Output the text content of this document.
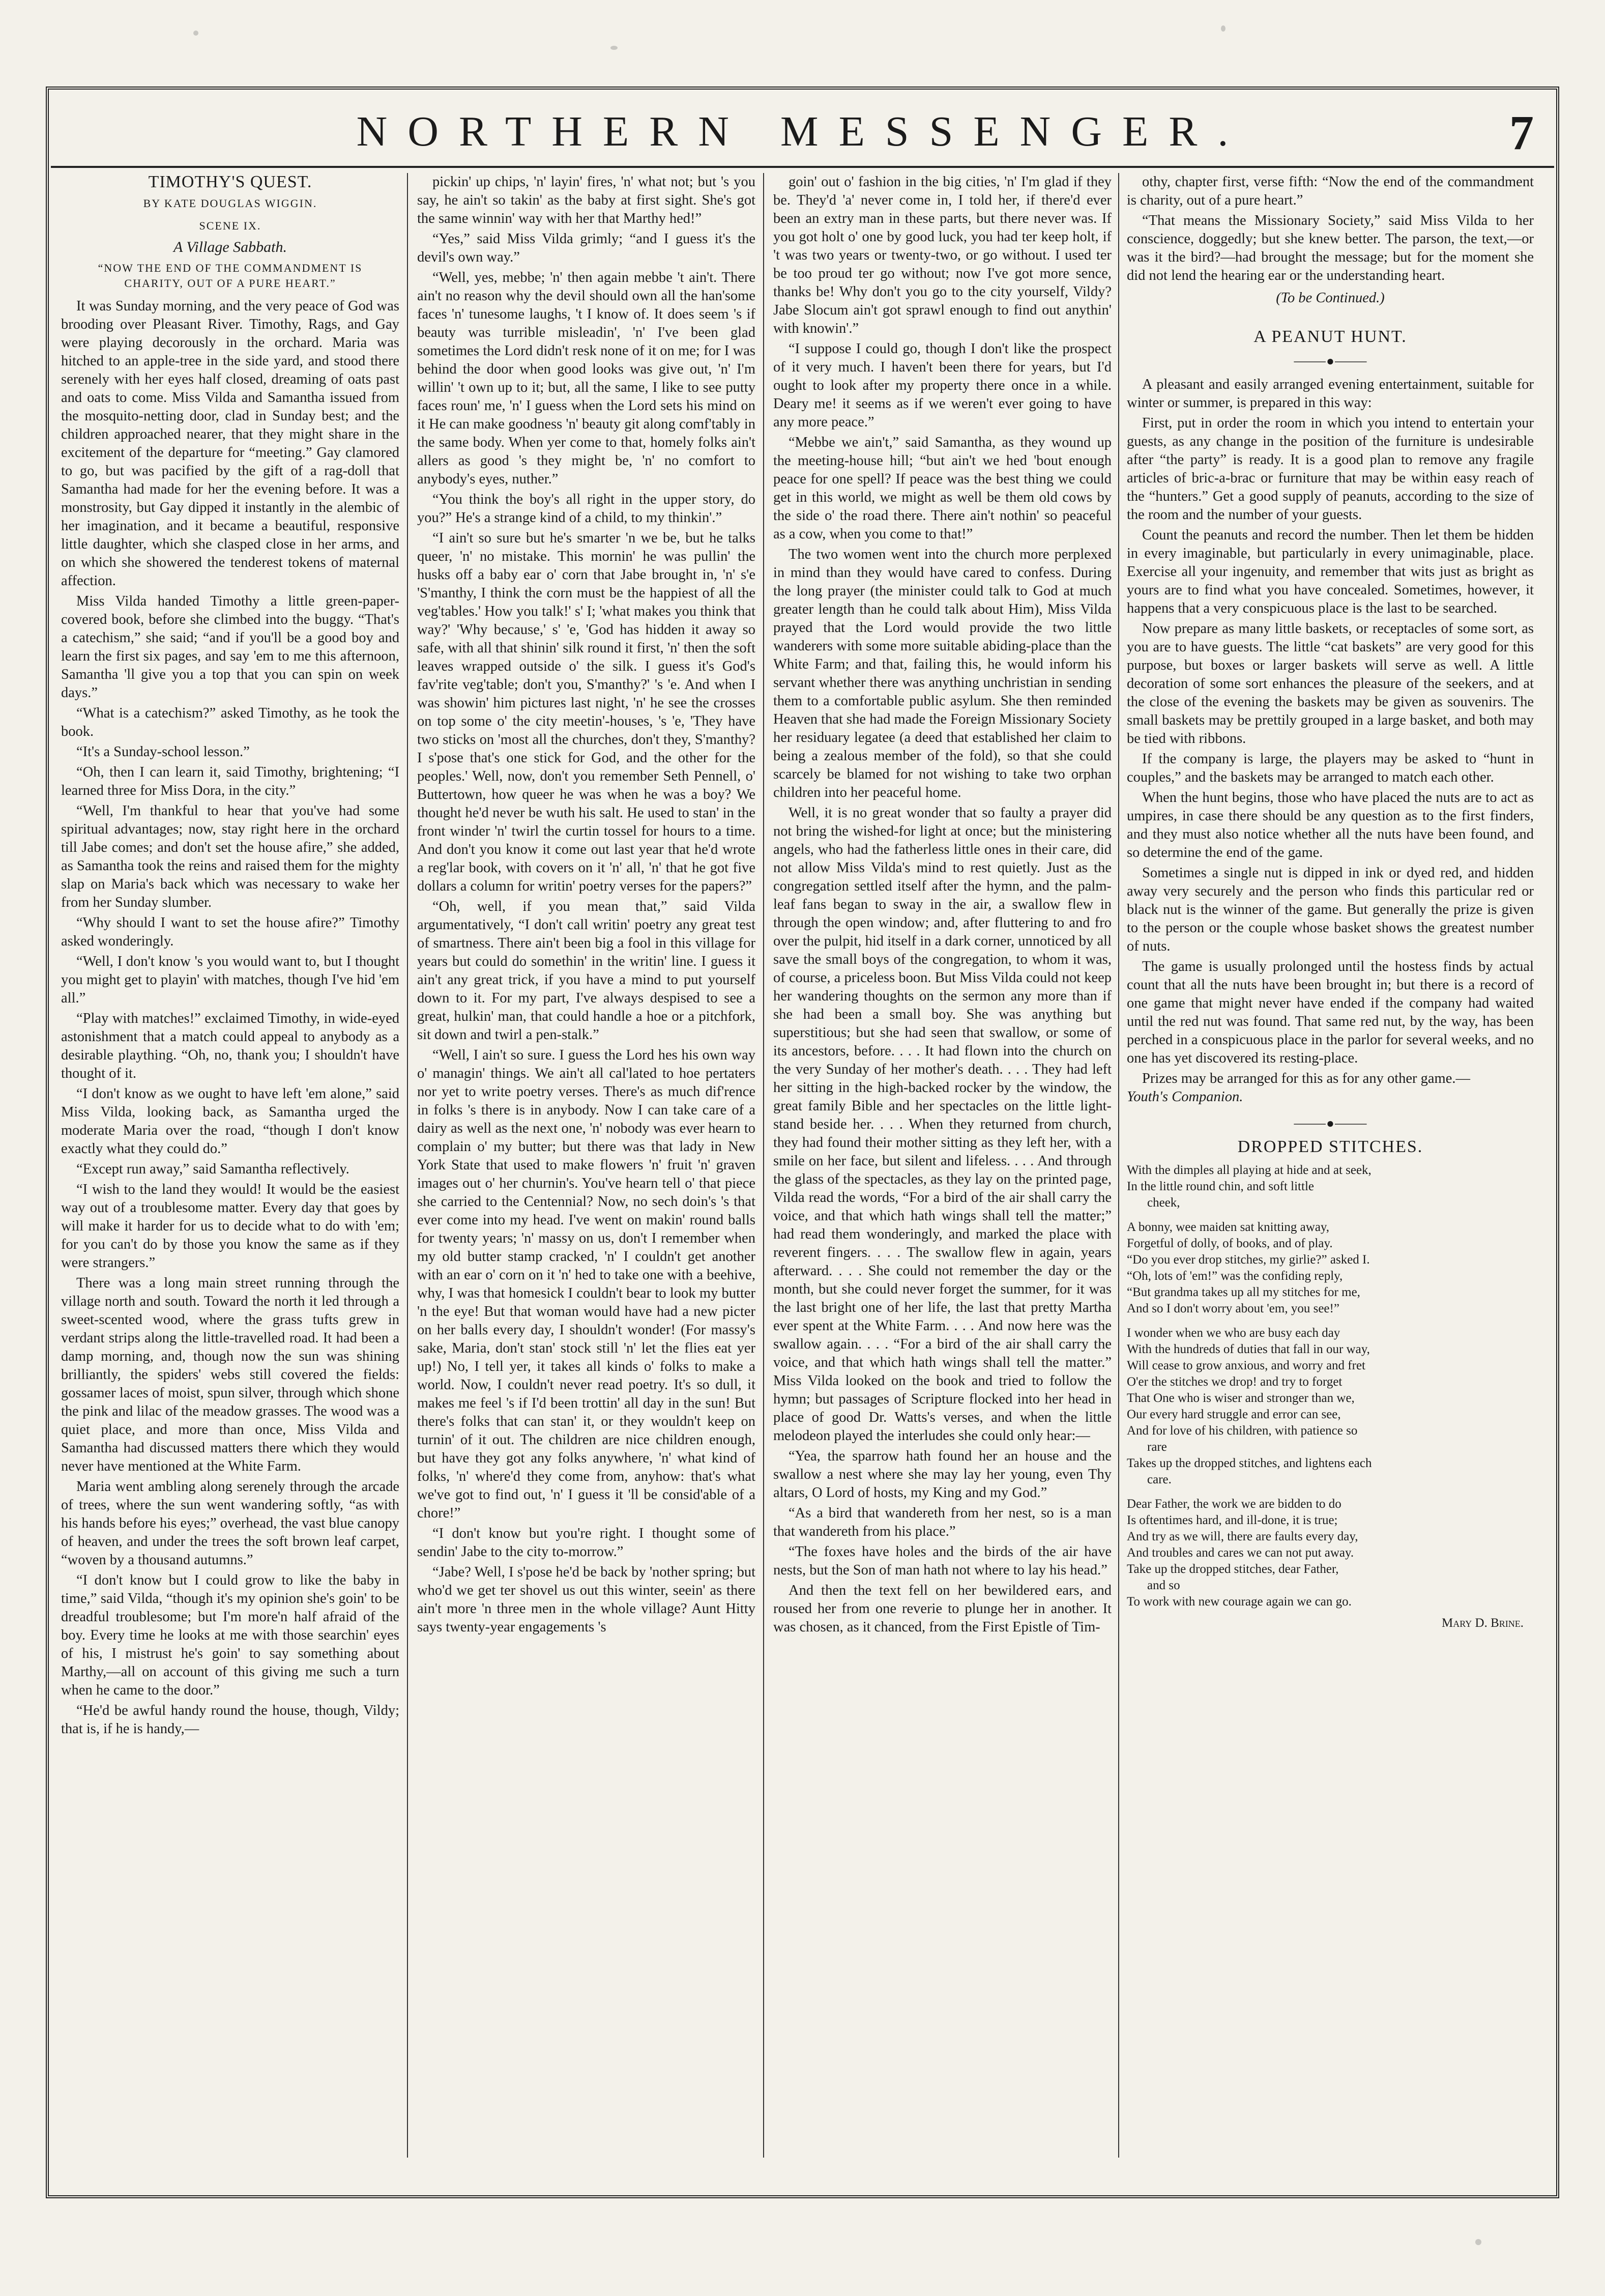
NORTHERN MESSENGER.	7
TIMOTHY'S QUEST.
BY KATE DOUGLAS WIGGIN.
SCENE IX.
A Village Sabbath.
“NOW THE END OF THE COMMANDMENT IS CHARITY, OUT OF A PURE HEART.”

It was Sunday morning, and the very peace of God was brooding over Pleasant River. Timothy, Rags, and Gay were playing decorously in the orchard. Maria was hitched to an apple-tree in the side yard, and stood there serenely with her eyes half closed, dreaming of oats past and oats to come. Miss Vilda and Samantha issued from the mosquito-netting door, clad in Sunday best; and the children approached nearer, that they might share in the excitement of the departure for “meeting.” Gay clamored to go, but was pacified by the gift of a rag-doll that Samantha had made for her the evening before. It was a monstrosity, but Gay dipped it instantly in the alembic of her imagination, and it became a beautiful, responsive little daughter, which she clasped close in her arms, and on which she showered the tenderest tokens of maternal affection.

Miss Vilda handed Timothy a little green-paper-covered book, before she climbed into the buggy. “That's a catechism,” she said; “and if you'll be a good boy and learn the first six pages, and say 'em to me this afternoon, Samantha 'll give you a top that you can spin on week days.”

“What is a catechism?” asked Timothy, as he took the book.

“It's a Sunday-school lesson.”

“Oh, then I can learn it, said Timothy, brightening; “I learned three for Miss Dora, in the city.”

“Well, I'm thankful to hear that you've had some spiritual advantages; now, stay right here in the orchard till Jabe comes; and don't set the house afire,” she added, as Samantha took the reins and raised them for the mighty slap on Maria's back which was necessary to wake her from her Sunday slumber.

“Why should I want to set the house afire?” Timothy asked wonderingly.

“Well, I don't know 's you would want to, but I thought you might get to playin' with matches, though I've hid 'em all.”

“Play with matches!” exclaimed Timothy, in wide-eyed astonishment that a match could appeal to anybody as a desirable plaything. “Oh, no, thank you; I shouldn't have thought of it.

“I don't know as we ought to have left 'em alone,” said Miss Vilda, looking back, as Samantha urged the moderate Maria over the road, “though I don't know exactly what they could do.”

“Except run away,” said Samantha reflectively.

“I wish to the land they would! It would be the easiest way out of a troublesome matter. Every day that goes by will make it harder for us to decide what to do with 'em; for you can't do by those you know the same as if they were strangers.”

There was a long main street running through the village north and south. Toward the north it led through a sweet-scented wood, where the grass tufts grew in verdant strips along the little-travelled road. It had been a damp morning, and, though now the sun was shining brilliantly, the spiders' webs still covered the fields: gossamer laces of moist, spun silver, through which shone the pink and lilac of the meadow grasses. The wood was a quiet place, and more than once, Miss Vilda and Samantha had discussed matters there which they would never have mentioned at the White Farm.

Maria went ambling along serenely through the arcade of trees, where the sun went wandering softly, “as with his hands before his eyes;” overhead, the vast blue canopy of heaven, and under the trees the soft brown leaf carpet, “woven by a thousand autumns.”

“I don't know but I could grow to like the baby in time,” said Vilda, “though it's my opinion she's goin' to be dreadful troublesome; but I'm more'n half afraid of the boy. Every time he looks at me with those searchin' eyes of his, I mistrust he's goin' to say something about Marthy,—all on account of this giving me such a turn when he came to the door.”

“He'd be awful handy round the house, though, Vildy; that is, if he is handy,—

pickin' up chips, 'n' layin' fires, 'n' what not; but 's you say, he ain't so takin' as the baby at first sight. She's got the same winnin' way with her that Marthy hed!”

“Yes,” said Miss Vilda grimly; “and I guess it's the devil's own way.”

“Well, yes, mebbe; 'n' then again mebbe 't ain't. There ain't no reason why the devil should own all the han'some faces 'n' tunesome laughs, 't I know of. It does seem 's if beauty was turrible misleadin', 'n' I've been glad sometimes the Lord didn't resk none of it on me; for I was behind the door when good looks was give out, 'n' I'm willin' 't own up to it; but, all the same, I like to see putty faces roun' me, 'n' I guess when the Lord sets his mind on it He can make goodness 'n' beauty git along comf'tably in the same body. When yer come to that, homely folks ain't allers as good 's they might be, 'n' no comfort to anybody's eyes, nuther.”

“You think the boy's all right in the upper story, do you?” He's a strange kind of a child, to my thinkin'.”

“I ain't so sure but he's smarter 'n we be, but he talks queer, 'n' no mistake. This mornin' he was pullin' the husks off a baby ear o' corn that Jabe brought in, 'n' s'e 'S'manthy, I think the corn must be the happiest of all the veg'tables.' How you talk!' s' I; 'what makes you think that way?' 'Why because,' s' 'e, 'God has hidden it away so safe, with all that shinin' silk round it first, 'n' then the soft leaves wrapped outside o' the silk. I guess it's God's fav'rite veg'table; don't you, S'manthy?' 's 'e. And when I was showin' him pictures last night, 'n' he see the crosses on top some o' the city meetin'-houses, 's 'e, 'They have two sticks on 'most all the churches, don't they, S'manthy? I s'pose that's one stick for God, and the other for the peoples.' Well, now, don't you remember Seth Pennell, o' Buttertown, how queer he was when he was a boy? We thought he'd never be wuth his salt. He used to stan' in the front winder 'n' twirl the curtin tossel for hours to a time. And don't you know it come out last year that he'd wrote a reg'lar book, with covers on it 'n' all, 'n' that he got five dollars a column for writin' poetry verses for the papers?”

“Oh, well, if you mean that,” said Vilda argumentatively, “I don't call writin' poetry any great test of smartness. There ain't been big a fool in this village for years but could do somethin' in the writin' line. I guess it ain't any great trick, if you have a mind to put yourself down to it. For my part, I've always despised to see a great, hulkin' man, that could handle a hoe or a pitchfork, sit down and twirl a pen-stalk.”

“Well, I ain't so sure. I guess the Lord hes his own way o' managin' things. We ain't all cal'lated to hoe pertaters nor yet to write poetry verses. There's as much dif'rence in folks 's there is in anybody. Now I can take care of a dairy as well as the next one, 'n' nobody was ever hearn to complain o' my butter; but there was that lady in New York State that used to make flowers 'n' fruit 'n' graven images out o' her churnin's. You've hearn tell o' that piece she carried to the Centennial? Now, no sech doin's 's that ever come into my head. I've went on makin' round balls for twenty years; 'n' massy on us, don't I remember when my old butter stamp cracked, 'n' I couldn't get another with an ear o' corn on it 'n' hed to take one with a beehive, why, I was that homesick I couldn't bear to look my butter 'n the eye! But that woman would have had a new picter on her balls every day, I shouldn't wonder! (For massy's sake, Maria, don't stan' stock still 'n' let the flies eat yer up!) No, I tell yer, it takes all kinds o' folks to make a world. Now, I couldn't never read poetry. It's so dull, it makes me feel 's if I'd been trottin' all day in the sun! But there's folks that can stan' it, or they wouldn't keep on turnin' of it out. The children are nice children enough, but have they got any folks anywhere, 'n' what kind of folks, 'n' where'd they come from, anyhow: that's what we've got to find out, 'n' I guess it 'll be consid'able of a chore!”

“I don't know but you're right. I thought some of sendin' Jabe to the city to-morrow.”

“Jabe? Well, I s'pose he'd be back by 'nother spring; but who'd we get ter shovel us out this winter, seein' as there ain't more 'n three men in the whole village? Aunt Hitty says twenty-year engagements 's

goin' out o' fashion in the big cities, 'n' I'm glad if they be. They'd 'a' never come in, I told her, if there'd ever been an extry man in these parts, but there never was. If you got holt o' one by good luck, you had ter keep holt, if 't was two years or twenty-two, or go without. I used ter be too proud ter go without; now I've got more sence, thanks be! Why don't you go to the city yourself, Vildy? Jabe Slocum ain't got sprawl enough to find out anythin' with knowin'.”

“I suppose I could go, though I don't like the prospect of it very much. I haven't been there for years, but I'd ought to look after my property there once in a while. Deary me! it seems as if we weren't ever going to have any more peace.”

“Mebbe we ain't,” said Samantha, as they wound up the meeting-house hill; “but ain't we hed 'bout enough peace for one spell? If peace was the best thing we could get in this world, we might as well be them old cows by the side o' the road there. There ain't nothin' so peaceful as a cow, when you come to that!”

The two women went into the church more perplexed in mind than they would have cared to confess. During the long prayer (the minister could talk to God at much greater length than he could talk about Him), Miss Vilda prayed that the Lord would provide the two little wanderers with some more suitable abiding-place than the White Farm; and that, failing this, he would inform his servant whether there was anything unchristian in sending them to a comfortable public asylum. She then reminded Heaven that she had made the Foreign Missionary Society her residuary legatee (a deed that established her claim to being a zealous member of the fold), so that she could scarcely be blamed for not wishing to take two orphan children into her peaceful home.

Well, it is no great wonder that so faulty a prayer did not bring the wished-for light at once; but the ministering angels, who had the fatherless little ones in their care, did not allow Miss Vilda's mind to rest quietly. Just as the congregation settled itself after the hymn, and the palm-leaf fans began to sway in the air, a swallow flew in through the open window; and, after fluttering to and fro over the pulpit, hid itself in a dark corner, unnoticed by all save the small boys of the congregation, to whom it was, of course, a priceless boon. But Miss Vilda could not keep her wandering thoughts on the sermon any more than if she had been a small boy. She was anything but superstitious; but she had seen that swallow, or some of its ancestors, before. . . . It had flown into the church on the very Sunday of her mother's death. . . . They had left her sitting in the high-backed rocker by the window, the great family Bible and her spectacles on the little light-stand beside her. . . . When they returned from church, they had found their mother sitting as they left her, with a smile on her face, but silent and lifeless. . . . And through the glass of the spectacles, as they lay on the printed page, Vilda read the words, “For a bird of the air shall carry the voice, and that which hath wings shall tell the matter;” had read them wonderingly, and marked the place with reverent fingers. . . . The swallow flew in again, years afterward. . . . She could not remember the day or the month, but she could never forget the summer, for it was the last bright one of her life, the last that pretty Martha ever spent at the White Farm. . . . And now here was the swallow again. . . . “For a bird of the air shall carry the voice, and that which hath wings shall tell the matter.” Miss Vilda looked on the book and tried to follow the hymn; but passages of Scripture flocked into her head in place of good Dr. Watts's verses, and when the little melodeon played the interludes she could only hear:—

“Yea, the sparrow hath found her an house and the swallow a nest where she may lay her young, even Thy altars, O Lord of hosts, my King and my God.”

“As a bird that wandereth from her nest, so is a man that wandereth from his place.”

“The foxes have holes and the birds of the air have nests, but the Son of man hath not where to lay his head.”

And then the text fell on her bewildered ears, and roused her from one reverie to plunge her in another. It was chosen, as it chanced, from the First Epistle of Tim-

othy, chapter first, verse fifth: “Now the end of the commandment is charity, out of a pure heart.”

“That means the Missionary Society,” said Miss Vilda to her conscience, doggedly; but she knew better. The parson, the text,—or was it the bird?—had brought the message; but for the moment she did not lend the hearing ear or the understanding heart.

(To be Continued.)
A PEANUT HUNT.
⸻●⸻

A pleasant and easily arranged evening entertainment, suitable for winter or summer, is prepared in this way:

First, put in order the room in which you intend to entertain your guests, as any change in the position of the furniture is undesirable after “the party” is ready. It is a good plan to remove any fragile articles of bric-a-brac or furniture that may be within easy reach of the “hunters.” Get a good supply of peanuts, according to the size of the room and the number of your guests.

Count the peanuts and record the number. Then let them be hidden in every imaginable, but particularly in every unimaginable, place. Exercise all your ingenuity, and remember that wits just as bright as yours are to find what you have concealed. Sometimes, however, it happens that a very conspicuous place is the last to be searched.

Now prepare as many little baskets, or receptacles of some sort, as you are to have guests. The little “cat baskets” are very good for this purpose, but boxes or larger baskets will serve as well. A little decoration of some sort enhances the pleasure of the seekers, and at the close of the evening the baskets may be given as souvenirs. The small baskets may be prettily grouped in a large basket, and both may be tied with ribbons.

If the company is large, the players may be asked to “hunt in couples,” and the baskets may be arranged to match each other.

When the hunt begins, those who have placed the nuts are to act as umpires, in case there should be any question as to the first finders, and they must also notice whether all the nuts have been found, and so determine the end of the game.

Sometimes a single nut is dipped in ink or dyed red, and hidden away very securely and the person who finds this particular red or black nut is the winner of the game. But generally the prize is given to the person or the couple whose basket shows the greatest number of nuts.

The game is usually prolonged until the hostess finds by actual count that all the nuts have been brought in; but there is a record of one game that might never have ended if the company had waited until the red nut was found. That same red nut, by the way, has been perched in a conspicuous place in the parlor for several weeks, and no one has yet discovered its resting-place.

Prizes may be arranged for this as for any other game.—

Youth's Companion.

⸻●⸻
DROPPED STITCHES.
With the dimples all playing at hide and at seek,
In the little round chin, and soft little
cheek,
A bonny, wee maiden sat knitting away,
Forgetful of dolly, of books, and of play.
“Do you ever drop stitches, my girlie?” asked I.
“Oh, lots of 'em!” was the confiding reply,
“But grandma takes up all my stitches for me,
And so I don't worry about 'em, you see!”
I wonder when we who are busy each day
With the hundreds of duties that fall in our way,
Will cease to grow anxious, and worry and fret
O'er the stitches we drop! and try to forget
That One who is wiser and stronger than we,
Our every hard struggle and error can see,
And for love of his children, with patience so
rare
Takes up the dropped stitches, and lightens each
care.
Dear Father, the work we are bidden to do
Is oftentimes hard, and ill-done, it is true;
And try as we will, there are faults every day,
And troubles and cares we can not put away.
Take up the dropped stitches, dear Father,
and so
To work with new courage again we can go.
Mary D. Brine.
